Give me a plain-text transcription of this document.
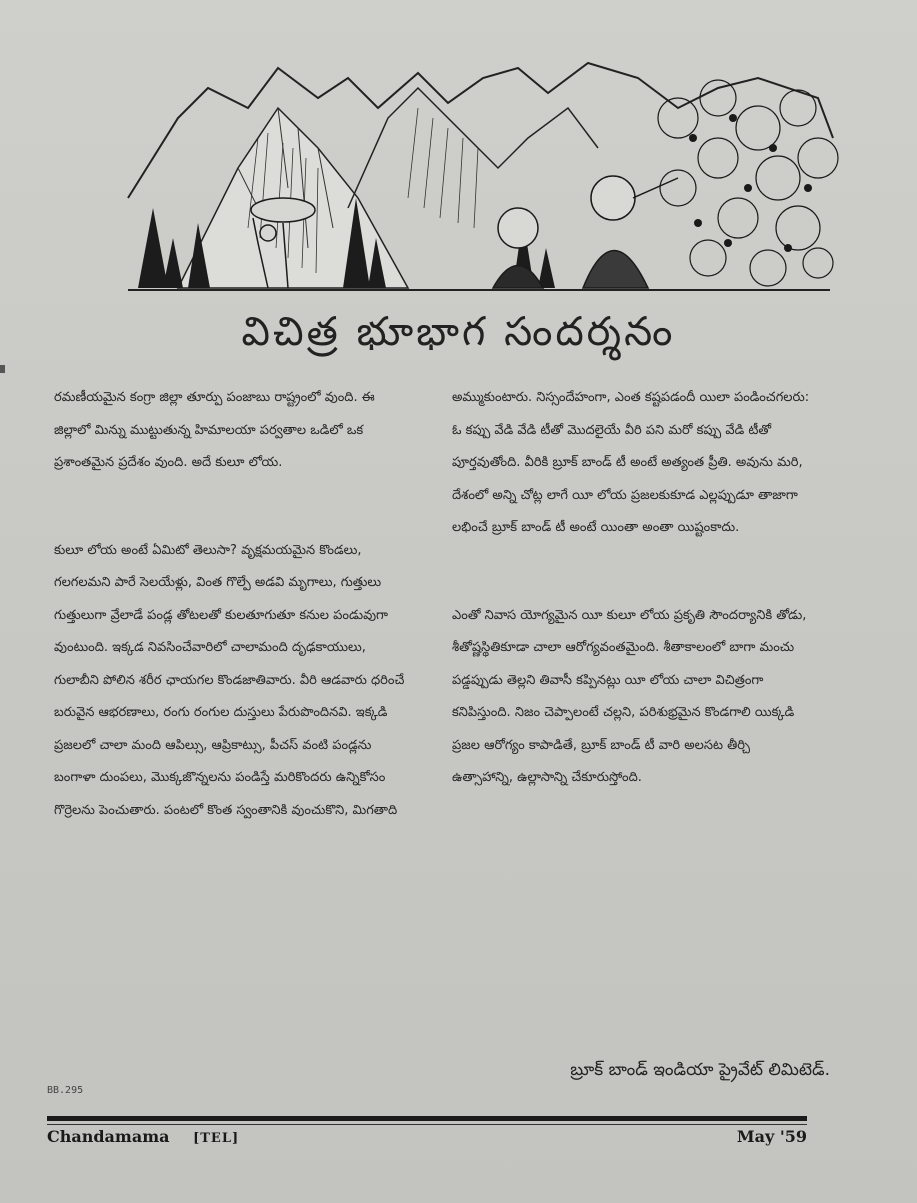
విచిత్ర భూభాగ సందర్శనం

రమణీయమైన కంగ్రా జిల్లా తూర్పు పంజాబు రాష్ట్రంలో వుంది. ఈ జిల్లాలో మిన్ను ముట్టుతున్న హిమాలయా పర్వతాల ఒడిలో ఒక ప్రశాంతమైన ప్రదేశం వుంది. అదే కులూ లోయ.

కులూ లోయ అంటే ఏమిటో తెలుసా? వృక్షమయమైన కొండలు, గలగలమని పారే సెలయేళ్లు, వింత గొల్పే అడవి మృగాలు, గుత్తులు గుత్తులుగా వ్రేలాడే పండ్ల తోటలతో కులతూగుతూ కనుల పండువుగా వుంటుంది. ఇక్కడ నివసించేవారిలో చాలామంది దృఢకాయులు, గులాబీని పోలిన శరీర ఛాయగల కొండజాతివారు. వీరి ఆడవారు ధరించే బరువైన ఆభరణాలు, రంగు రంగుల దుస్తులు పేరుపొందినవి. ఇక్కడి ప్రజలలో చాలా మంది ఆపిల్సు, ఆప్రికాట్సు, పీచస్ వంటి పండ్లను బంగాళా దుంపలు, మొక్కజొన్నలను పండిస్తే మరికొందరు ఉన్నికోసం గొర్రెలను పెంచుతారు. పంటలో కొంత స్వంతానికి వుంచుకొని, మిగతాది

అమ్ముకుంటారు. నిస్సందేహంగా, ఎంత కష్టపడందీ యిలా పండించగలరు: ఓ కప్పు వేడి వేడి టీతో మొదలైయే వీరి పని మరో కప్పు వేడి టీతో పూర్తవుతోంది. వీరికి బ్రూక్ బాండ్ టీ అంటే అత్యంత ప్రీతి. అవును మరి, దేశంలో అన్ని చోట్ల లాగే యీ లోయ ప్రజలకుకూడ ఎల్లప్పుడూ తాజాగా లభించే బ్రూక్ బాండ్ టీ అంటే యింతా అంతా యిష్టంకాదు.

ఎంతో నివాస యోగ్యమైన యీ కులూ లోయ ప్రకృతి సౌందర్యానికి తోడు, శీతోష్ణస్థితికూడా చాలా ఆరోగ్యవంతమైంది. శీతాకాలంలో బాగా మంచు పడ్డప్పుడు తెల్లని తివాసీ కప్పినట్లు యీ లోయ చాలా విచిత్రంగా కనిపిస్తుంది. నిజం చెప్పాలంటే చల్లని, పరిశుభ్రమైన కొండగాలి యిక్కడి ప్రజల ఆరోగ్యం కాపాడితే, బ్రూక్ బాండ్ టీ వారి అలసట తీర్చి ఉత్సాహాన్ని, ఉల్లాసాన్ని చేకూరుస్తోంది.

బ్రూక్ బాండ్ ఇండియా ప్రైవేట్ లిమిటెడ్.
BB.295
Chandamama [TEL]	May '59
